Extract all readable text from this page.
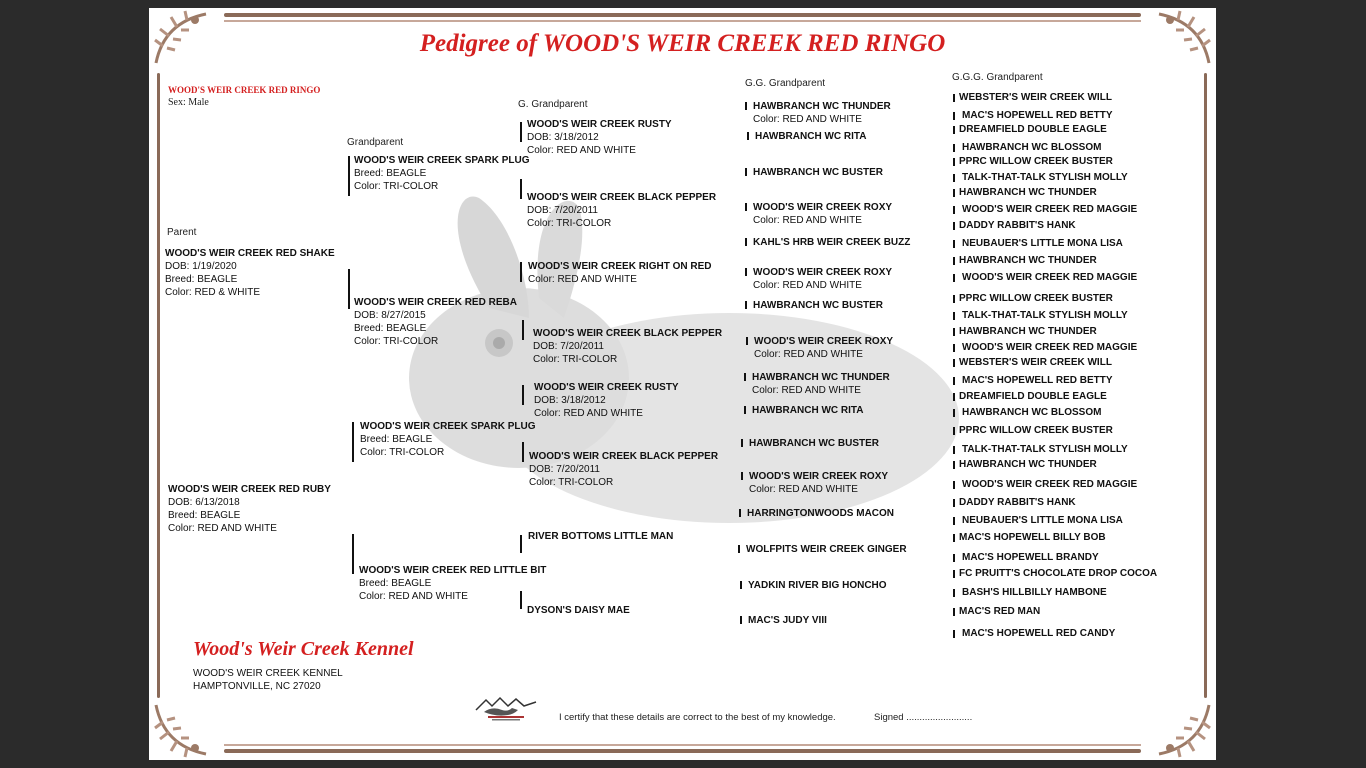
Pedigree of WOOD'S WEIR CREEK RED RINGO
WOOD'S WEIR CREEK RED RINGO
Sex: Male
Parent
Grandparent
G. Grandparent
G.G. Grandparent
G.G.G. Grandparent
WOOD'S WEIR CREEK RED SHAKE
DOB: 1/19/2020
Breed: BEAGLE
Color: RED & WHITE
WOOD'S WEIR CREEK RED RUBY
DOB: 6/13/2018
Breed: BEAGLE
Color: RED AND WHITE
WOOD'S WEIR CREEK SPARK PLUG
Breed: BEAGLE
Color: TRI-COLOR
WOOD'S WEIR CREEK RED REBA
DOB: 8/27/2015
Breed: BEAGLE
Color: TRI-COLOR
WOOD'S WEIR CREEK SPARK PLUG
Breed: BEAGLE
Color: TRI-COLOR
WOOD'S WEIR CREEK RED LITTLE BIT
Breed: BEAGLE
Color: RED AND WHITE
WOOD'S WEIR CREEK RUSTY
DOB: 3/18/2012
Color: RED AND WHITE
WOOD'S WEIR CREEK BLACK PEPPER
DOB: 7/20/2011
Color: TRI-COLOR
WOOD'S WEIR CREEK RIGHT ON RED
Color: RED AND WHITE
WOOD'S WEIR CREEK BLACK PEPPER
DOB: 7/20/2011
Color: TRI-COLOR
WOOD'S WEIR CREEK RUSTY
DOB: 3/18/2012
Color: RED AND WHITE
WOOD'S WEIR CREEK BLACK PEPPER
DOB: 7/20/2011
Color: TRI-COLOR
RIVER BOTTOMS LITTLE MAN
DYSON'S DAISY MAE
HAWBRANCH WC THUNDER
Color: RED AND WHITE
HAWBRANCH WC RITA
HAWBRANCH WC BUSTER
WOOD'S WEIR CREEK ROXY
Color: RED AND WHITE
KAHL'S HRB WEIR CREEK BUZZ
WOOD'S WEIR CREEK ROXY
Color: RED AND WHITE
HAWBRANCH WC BUSTER
WOOD'S WEIR CREEK ROXY
Color: RED AND WHITE
HAWBRANCH WC THUNDER
Color: RED AND WHITE
HAWBRANCH WC RITA
HAWBRANCH WC BUSTER
WOOD'S WEIR CREEK ROXY
Color: RED AND WHITE
HARRINGTONWOODS MACON
WOLFPITS WEIR CREEK GINGER
YADKIN RIVER BIG HONCHO
MAC'S JUDY VIII
WEBSTER'S WEIR CREEK WILL
MAC'S HOPEWELL RED BETTY
DREAMFIELD DOUBLE EAGLE
HAWBRANCH WC BLOSSOM
PPRC WILLOW CREEK BUSTER
TALK-THAT-TALK STYLISH MOLLY
HAWBRANCH WC THUNDER
WOOD'S WEIR CREEK RED MAGGIE
DADDY RABBIT'S HANK
NEUBAUER'S LITTLE MONA LISA
HAWBRANCH WC THUNDER
WOOD'S WEIR CREEK RED MAGGIE
PPRC WILLOW CREEK BUSTER
TALK-THAT-TALK STYLISH MOLLY
HAWBRANCH WC THUNDER
WOOD'S WEIR CREEK RED MAGGIE
WEBSTER'S WEIR CREEK WILL
MAC'S HOPEWELL RED BETTY
DREAMFIELD DOUBLE EAGLE
HAWBRANCH WC BLOSSOM
PPRC WILLOW CREEK BUSTER
TALK-THAT-TALK STYLISH MOLLY
HAWBRANCH WC THUNDER
WOOD'S WEIR CREEK RED MAGGIE
DADDY RABBIT'S HANK
NEUBAUER'S LITTLE MONA LISA
MAC'S HOPEWELL BILLY BOB
MAC'S HOPEWELL BRANDY
FC PRUITT'S CHOCOLATE DROP COCOA
BASH'S HILLBILLY HAMBONE
MAC'S RED MAN
MAC'S HOPEWELL RED CANDY
Wood's Weir Creek Kennel
WOOD'S WEIR CREEK KENNEL
HAMPTONVILLE, NC 27020
I certify that these details are correct to the best of my knowledge.	Signed .........................
